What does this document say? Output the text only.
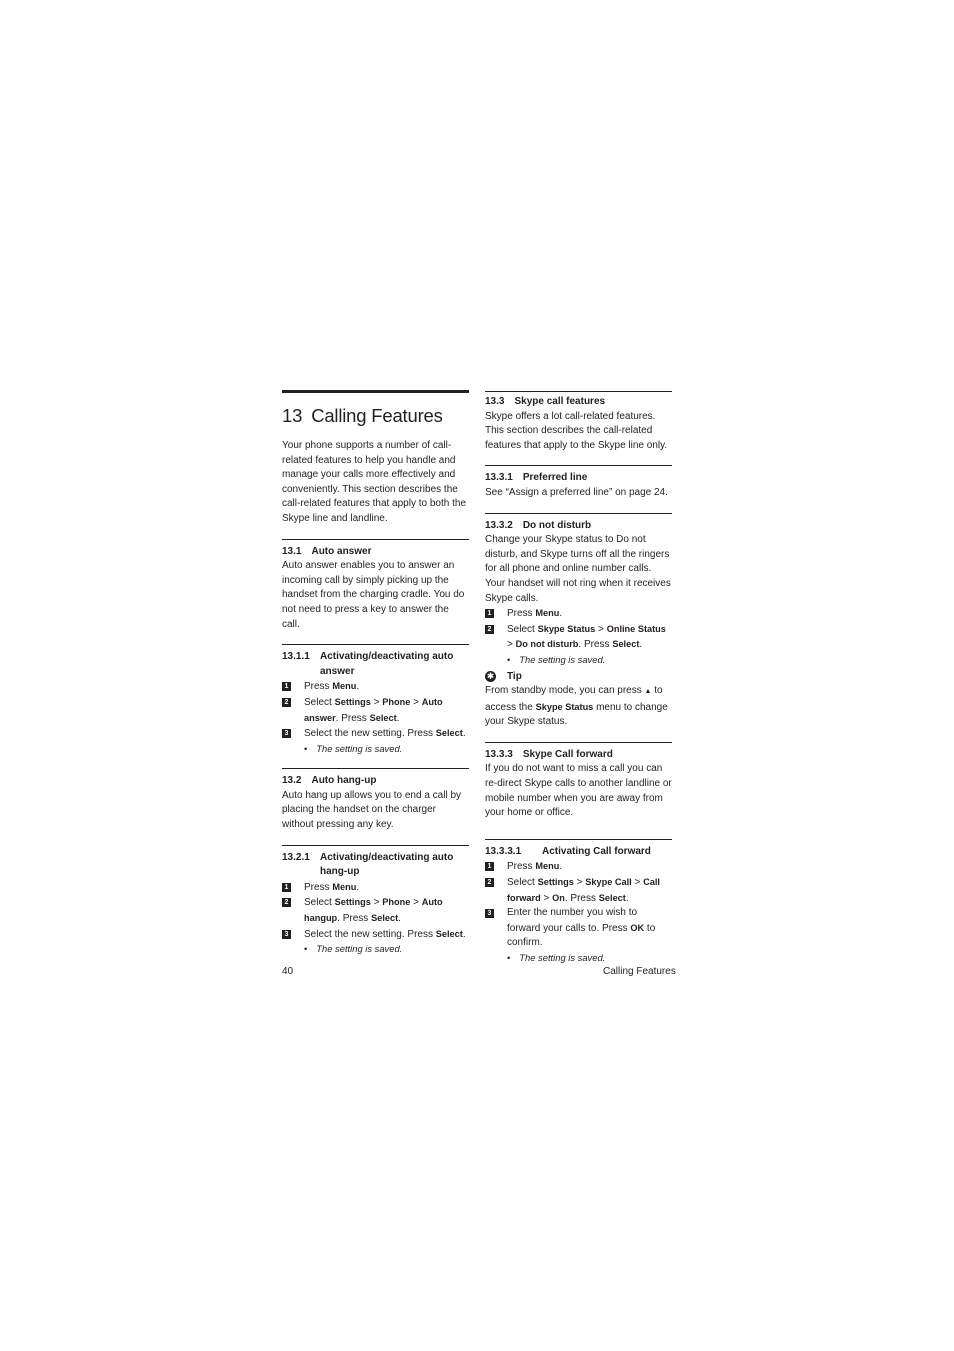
13 Calling Features

Your phone supports a number of call-related features to help you handle and manage your calls more effectively and conveniently. This section describes the call-related features that apply to both the Skype line and landline.

13.1 Auto answer

Auto answer enables you to answer an incoming call by simply picking up the handset from the charging cradle. You do not need to press a key to answer the call.

13.1.1 Activating/deactivating auto answer
1 Press Menu.
2 Select Settings > Phone > Auto answer. Press Select.
3 Select the new setting. Press Select.
• The setting is saved.
13.2 Auto hang-up

Auto hang up allows you to end a call by placing the handset on the charger without pressing any key.

13.2.1 Activating/deactivating auto hang-up
1 Press Menu.
2 Select Settings > Phone > Auto hangup. Press Select.
3 Select the new setting. Press Select.
• The setting is saved.
13.3 Skype call features

Skype offers a lot call-related features. This section describes the call-related features that apply to the Skype line only.

13.3.1 Preferred line

See “Assign a preferred line” on page 24.

13.3.2 Do not disturb

Change your Skype status to Do not disturb, and Skype turns off all the ringers for all phone and online number calls. Your handset will not ring when it receives Skype calls.

1 Press Menu.
2 Select Skype Status > Online Status > Do not disturb. Press Select.
• The setting is saved.
✱ Tip

From standby mode, you can press ▲ to access the Skype Status menu to change your Skype status.

13.3.3 Skype Call forward

If you do not want to miss a call you can re-direct Skype calls to another landline or mobile number when you are away from your home or office.

13.3.3.1	Activating Call forward
1 Press Menu.
2 Select Settings > Skype Call > Call forward > On. Press Select.
3 Enter the number you wish to forward your calls to. Press OK to confirm.
• The setting is saved.
40	Calling Features
